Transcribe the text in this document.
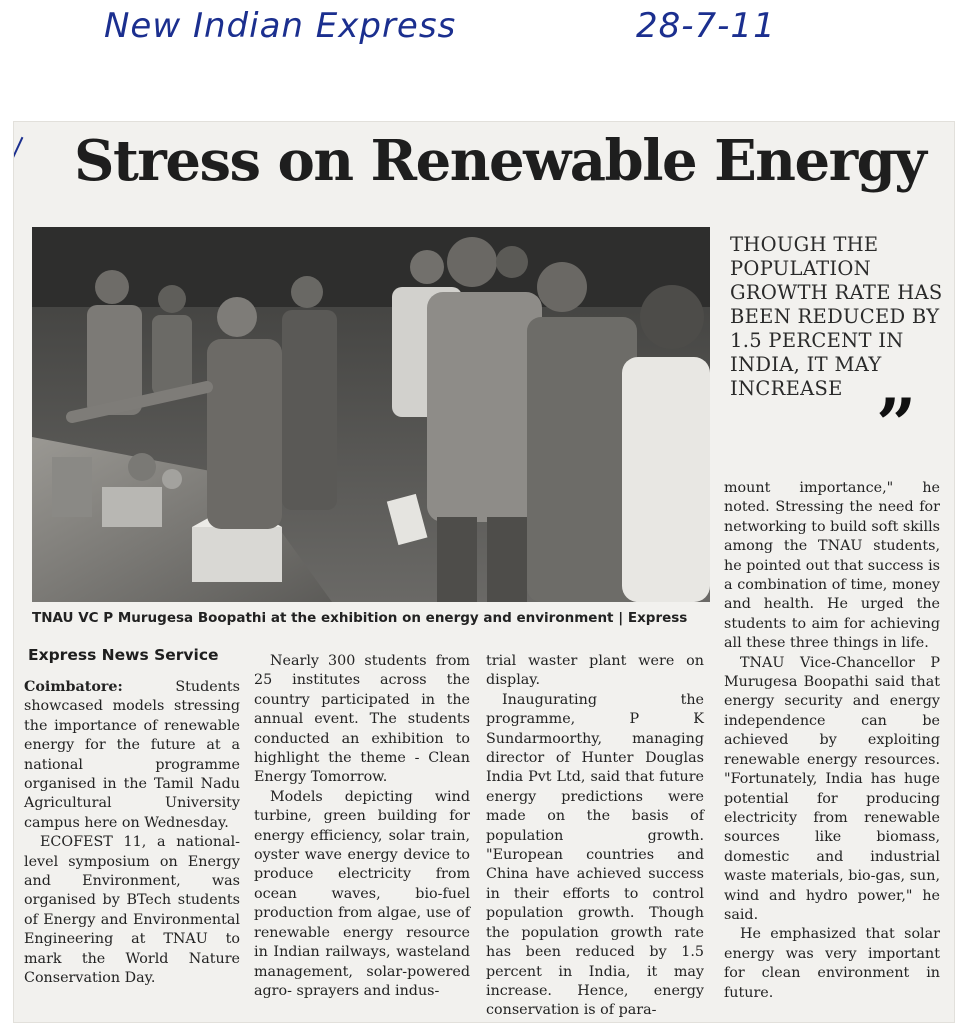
New Indian Express	28-7-11
Stress on Renewable Energy

TNAU VC P Murugesa Boopathi at the exhibition on energy and environment | Express

THOUGH THE POPULATION GROWTH RATE HAS BEEN REDUCED BY 1.5 PERCENT IN INDIA, IT MAY INCREASE ”

Express News Service

Coimbatore: Students showcased models stressing the importance of renewable energy for the future at a national programme organised in the Tamil Nadu Agricultural University campus here on Wednesday.

ECOFEST 11, a national-level symposium on Energy and Environment, was organised by BTech students of Energy and Environmental Engineering at TNAU to mark the World Nature Conservation Day.

Nearly 300 students from 25 institutes across the country participated in the annual event. The students conducted an exhibition to highlight the theme - Clean Energy Tomorrow.

Models depicting wind turbine, green building for energy efficiency, solar train, oyster wave energy device to produce electricity from ocean waves, bio-fuel production from algae, use of renewable energy resource in Indian railways, wasteland management, solar-powered agro- sprayers and indus-

trial waster plant were on display.

Inaugurating the programme, P K Sundarmoorthy, managing director of Hunter Douglas India Pvt Ltd, said that future energy predictions were made on the basis of population growth. "European countries and China have achieved success in their efforts to control population growth. Though the population growth rate has been reduced by 1.5 percent in India, it may increase. Hence, energy conservation is of para-

mount importance," he noted. Stressing the need for networking to build soft skills among the TNAU students, he pointed out that success is a combination of time, money and health. He urged the students to aim for achieving all these three things in life.

TNAU Vice-Chancellor P Murugesa Boopathi said that energy security and energy independence can be achieved by exploiting renewable energy resources. "Fortunately, India has huge potential for producing electricity from renewable sources like biomass, domestic and industrial waste materials, bio-gas, sun, wind and hydro power," he said.

He emphasized that solar energy was very important for clean environment in future.
